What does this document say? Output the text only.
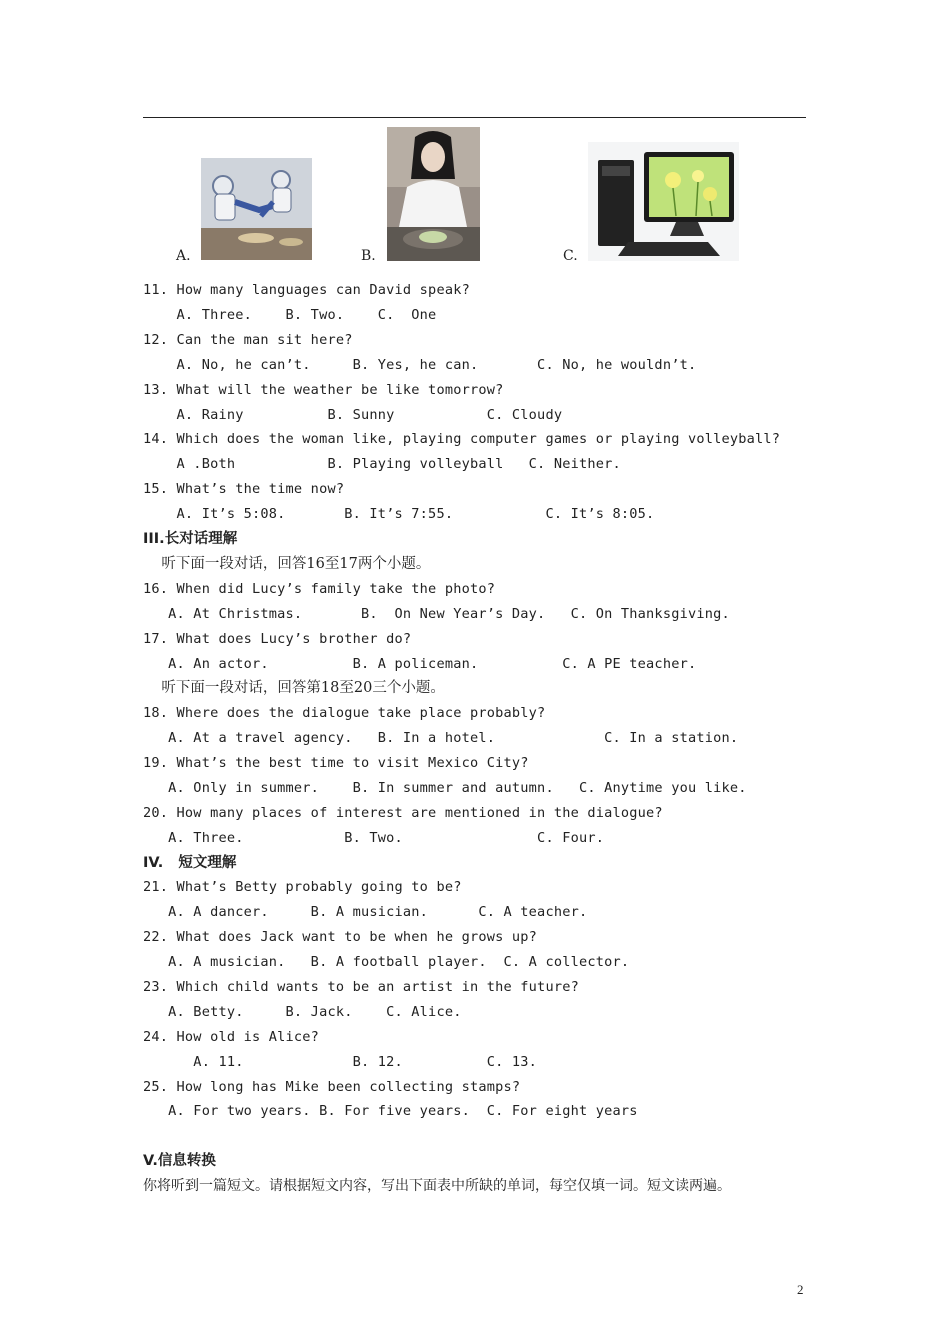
A.	B.	C.
11. How many languages can David speak?
A. Three.    B. Two.    C.  One
12. Can the man sit here?
A. No, he can’t.     B. Yes, he can.       C. No, he wouldn’t.
13. What will the weather be like tomorrow?
A. Rainy          B. Sunny           C. Cloudy
14. Which does the woman like, playing computer games or playing volleyball?
A .Both           B. Playing volleyball   C. Neither.
15. What’s the time now?
A. It’s 5:08.       B. It’s 7:55.           C. It’s 8:05.
III.长对话理解
听下面一段对话，回答16至17两个小题。
16. When did Lucy’s family take the photo?
A. At Christmas.       B.  On New Year’s Day.   C. On Thanksgiving.
17. What does Lucy’s brother do?
A. An actor.          B. A policeman.          C. A PE teacher.
听下面一段对话，回答第18至20三个小题。
18. Where does the dialogue take place probably?
A. At a travel agency.   B. In a hotel.             C. In a station.
19. What’s the best time to visit Mexico City?
A. Only in summer.    B. In summer and autumn.   C. Anytime you like.
20. How many places of interest are mentioned in the dialogue?
A. Three.            B. Two.                C. Four.
IV.   短文理解
21. What’s Betty probably going to be?
A. A dancer.     B. A musician.      C. A teacher.
22. What does Jack want to be when he grows up?
A. A musician.   B. A football player.  C. A collector.
23. Which child wants to be an artist in the future?
A. Betty.     B. Jack.    C. Alice.
24. How old is Alice?
A. 11.             B. 12.          C. 13.
25. How long has Mike been collecting stamps?
A. For two years. B. For five years.  C. For eight years
V.信息转换
你将听到一篇短文。请根据短文内容，写出下面表中所缺的单词，每空仅填一词。短文读两遍。
2
